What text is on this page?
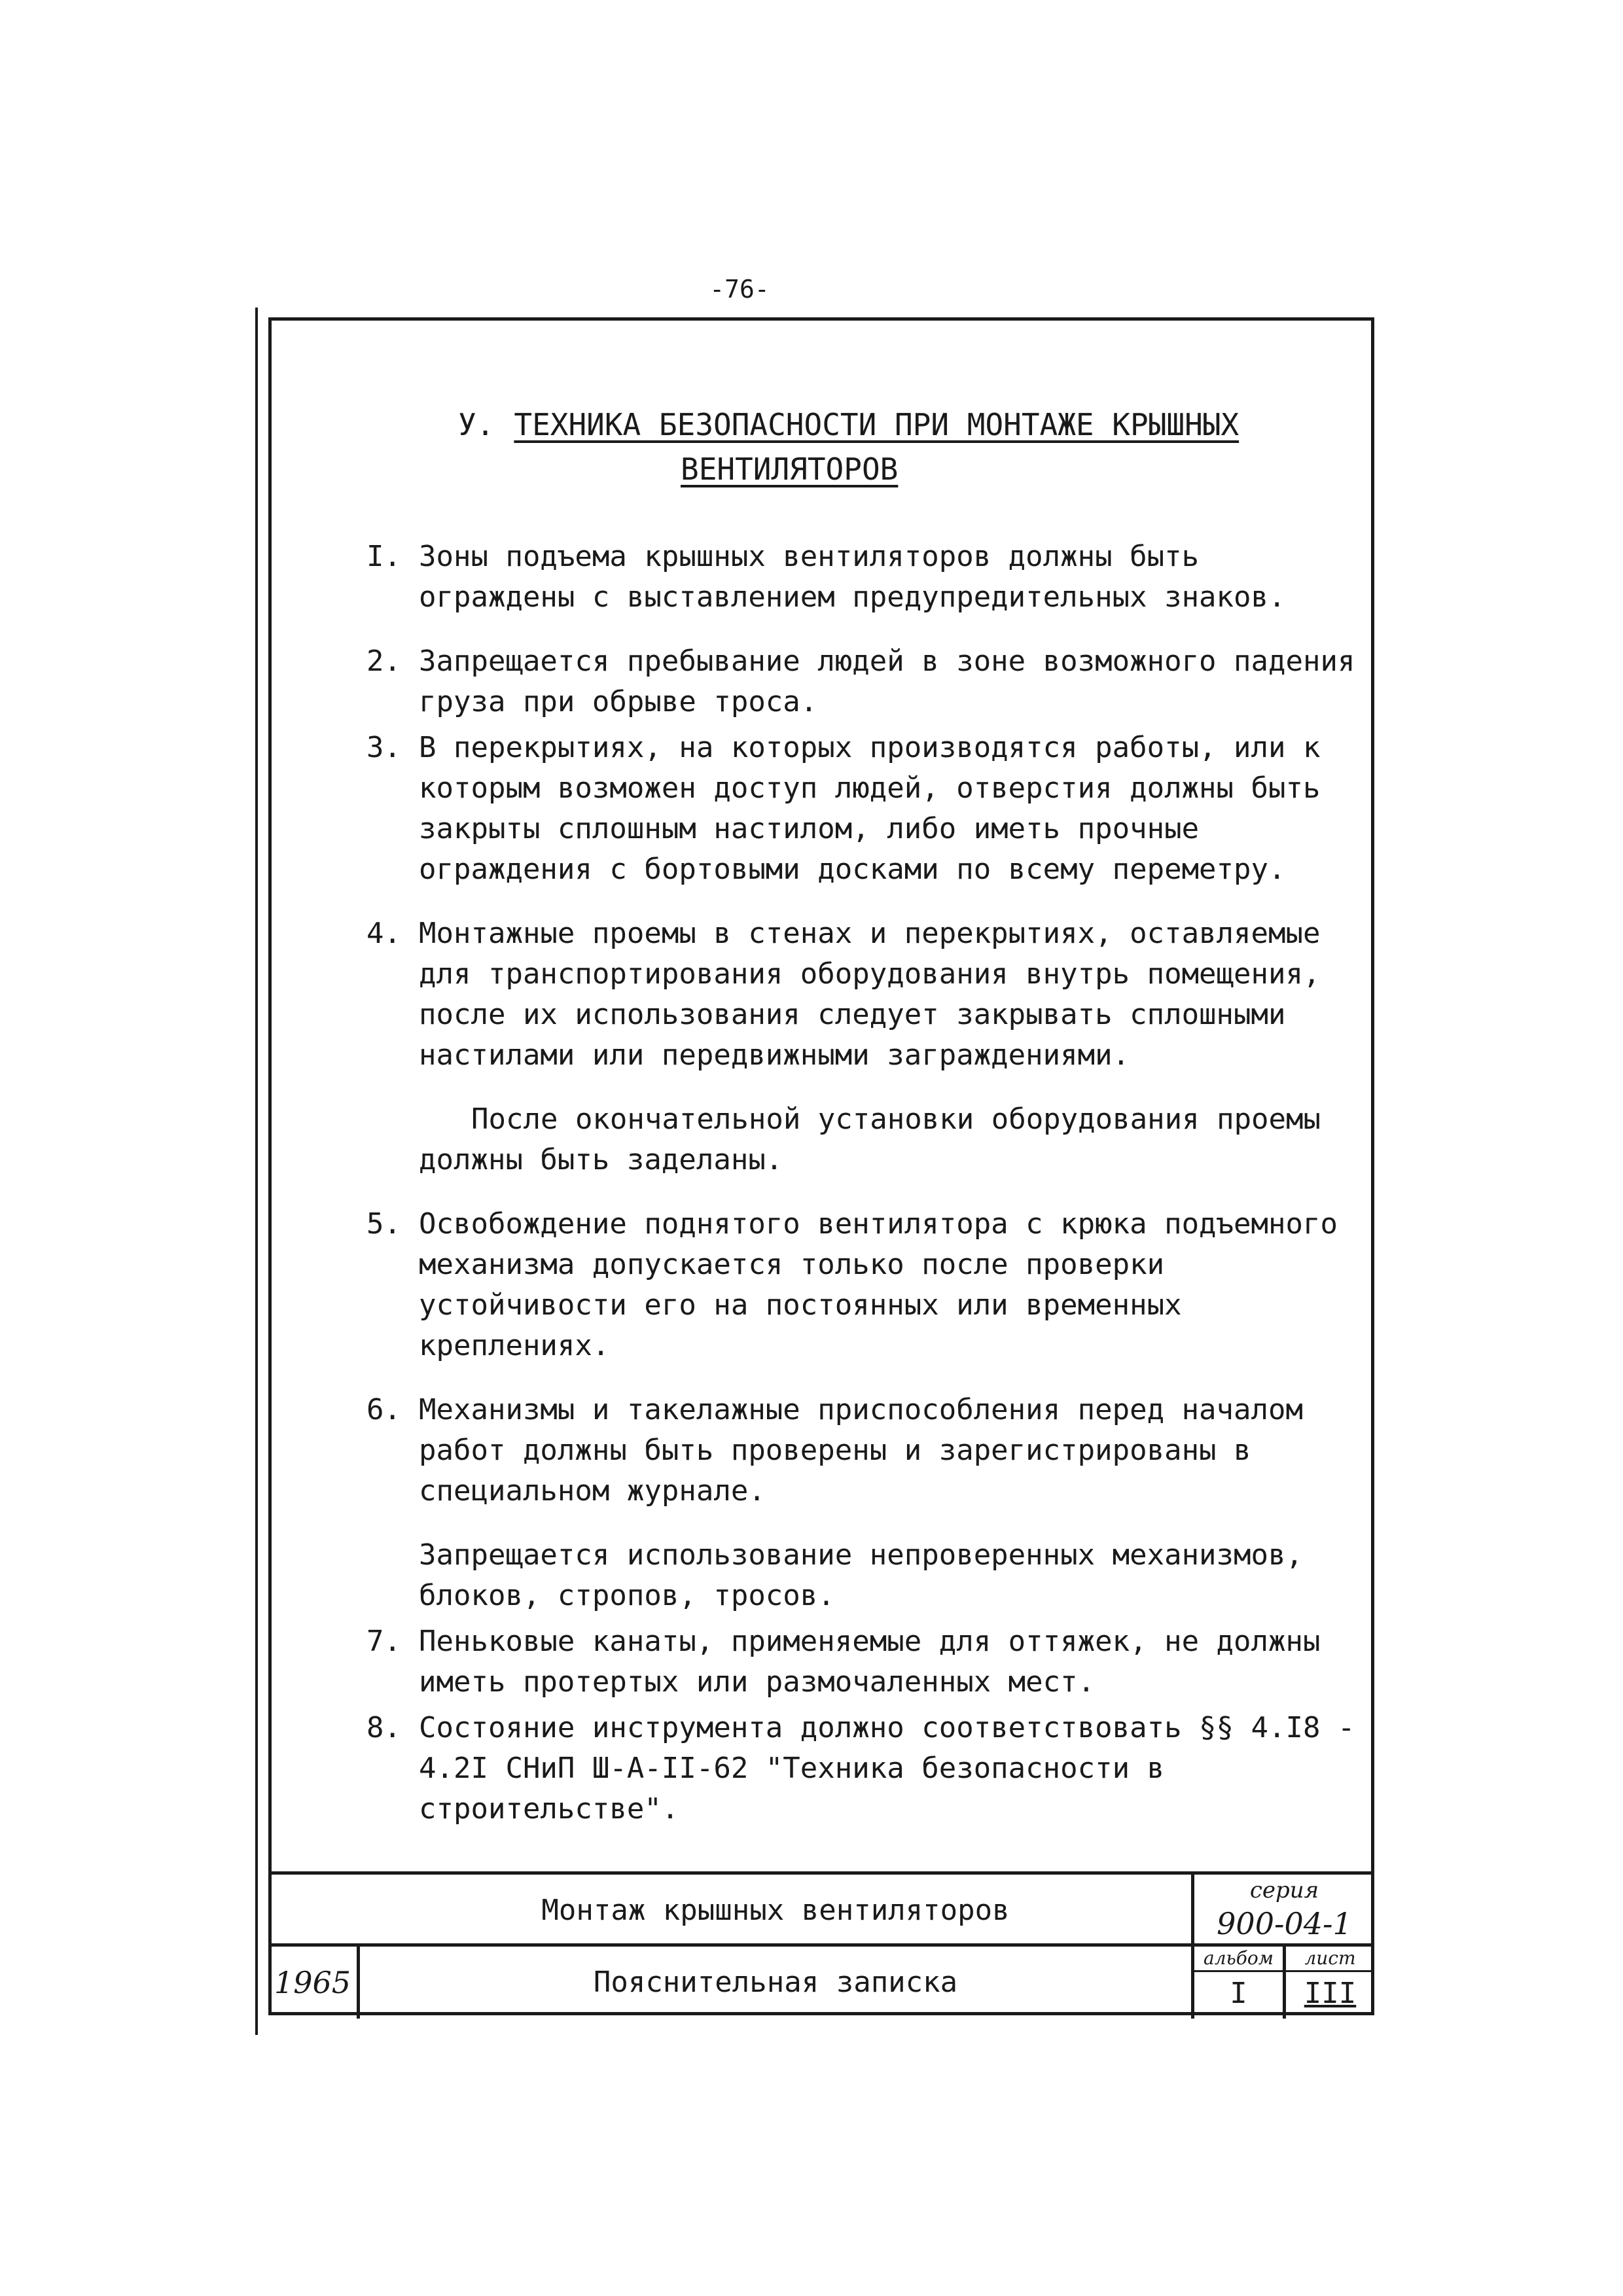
-76-
У. ТЕХНИКА БЕЗОПАСНОСТИ ПРИ МОНТАЖЕ КРЫШНЫХ
ВЕНТИЛЯТОРОВ
I. Зоны подъема крышных вентиляторов должны быть ограждены с выставлением предупредительных знаков.
2. Запрещается пребывание людей в зоне возможного падения груза при обрыве троса.
3. В перекрытиях, на которых производятся работы, или к которым возможен доступ людей, отверстия должны быть закрыты сплошным настилом, либо иметь прочные ограждения с бортовыми досками по всему перeметру.
4. Монтажные проемы в стенах и перекрытиях, оставляемые для транспортирования оборудования внутрь помещения, после их использования следует закрывать сплошными настилами или передвижными заграждениями.
После окончательной установки оборудования проемы должны быть заделаны.
5. Освобождение поднятого вентилятора с крюка подъемного механизма допускается только после проверки устойчивости его на постоянных или временных креплениях.
6. Механизмы и такелажные приспособления перед началом работ должны быть проверены и зарегистрированы в специальном журнале.
Запрещается использование непроверенных механизмов, блоков, стропов, тросов.
7. Пеньковые канаты, применяемые для оттяжек, не должны иметь протертых или размочаленных мест.
8. Состояние инструмента должно соответствовать §§ 4.I8 - 4.2I СНиП Ш-А-II-62 "Техника безопасности в строительстве".
Монтаж крышных вентиляторов
1965	Пояснительная записка
серия
900-04-1
альбом
I
лист
III
